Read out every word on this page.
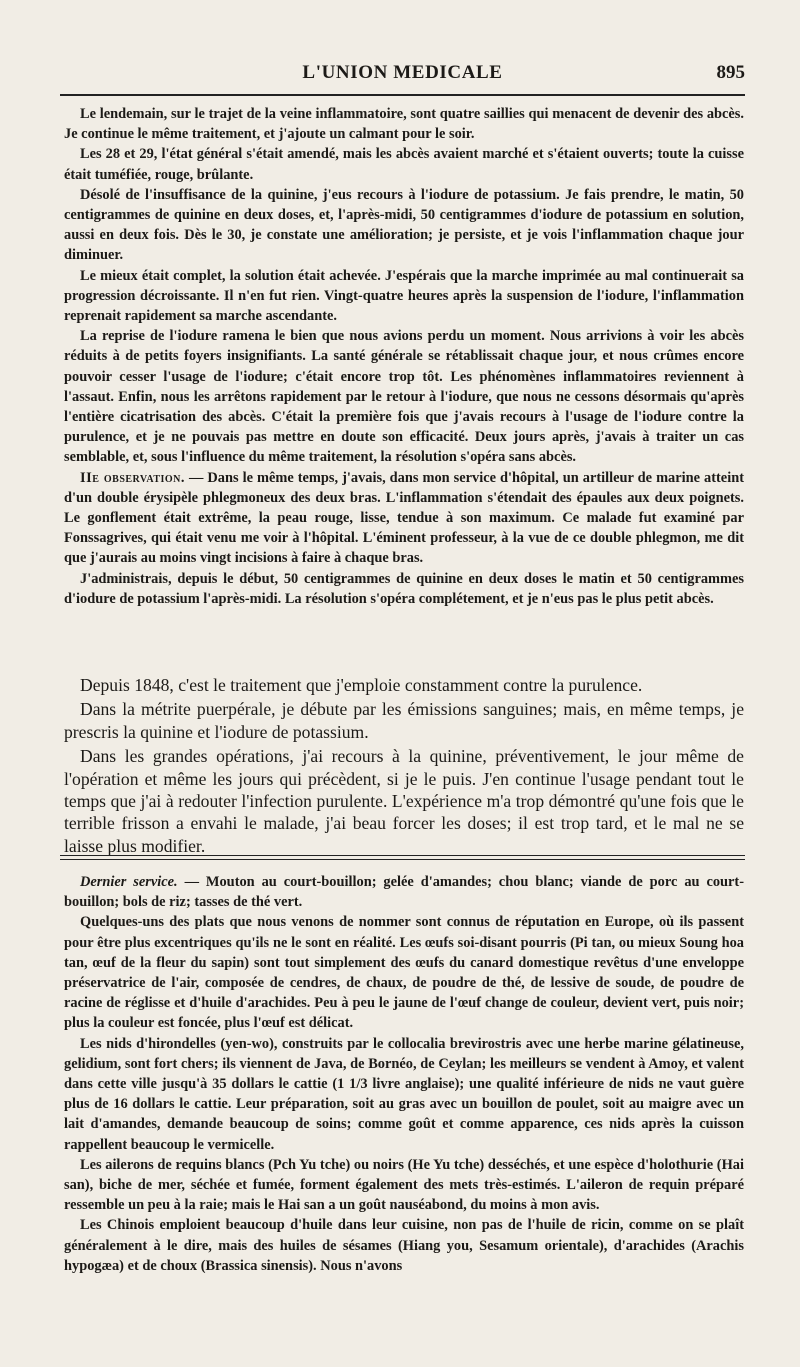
L'UNION MEDICALE	895

Le lendemain, sur le trajet de la veine inflammatoire, sont quatre saillies qui menacent de devenir des abcès. Je continue le même traitement, et j'ajoute un calmant pour le soir.

Les 28 et 29, l'état général s'était amendé, mais les abcès avaient marché et s'étaient ouverts; toute la cuisse était tuméfiée, rouge, brûlante.

Désolé de l'insuffisance de la quinine, j'eus recours à l'iodure de potassium. Je fais prendre, le matin, 50 centigrammes de quinine en deux doses, et, l'après-midi, 50 centigrammes d'iodure de potassium en solution, aussi en deux fois. Dès le 30, je constate une amélioration; je persiste, et je vois l'inflammation chaque jour diminuer.

Le mieux était complet, la solution était achevée. J'espérais que la marche imprimée au mal continuerait sa progression décroissante. Il n'en fut rien. Vingt-quatre heures après la suspension de l'iodure, l'inflammation reprenait rapidement sa marche ascendante.

La reprise de l'iodure ramena le bien que nous avions perdu un moment. Nous arrivions à voir les abcès réduits à de petits foyers insignifiants. La santé générale se rétablissait chaque jour, et nous crûmes encore pouvoir cesser l'usage de l'iodure; c'était encore trop tôt. Les phénomènes inflammatoires reviennent à l'assaut. Enfin, nous les arrêtons rapidement par le retour à l'iodure, que nous ne cessons désormais qu'après l'entière cicatrisation des abcès. C'était la première fois que j'avais recours à l'usage de l'iodure contre la purulence, et je ne pouvais pas mettre en doute son efficacité. Deux jours après, j'avais à traiter un cas semblable, et, sous l'influence du même traitement, la résolution s'opéra sans abcès.

IIe observation. — Dans le même temps, j'avais, dans mon service d'hôpital, un artilleur de marine atteint d'un double érysipèle phlegmoneux des deux bras. L'inflammation s'étendait des épaules aux deux poignets. Le gonflement était extrême, la peau rouge, lisse, tendue à son maximum. Ce malade fut examiné par Fonssagrives, qui était venu me voir à l'hôpital. L'éminent professeur, à la vue de ce double phlegmon, me dit que j'aurais au moins vingt incisions à faire à chaque bras.

J'administrais, depuis le début, 50 centigrammes de quinine en deux doses le matin et 50 centigrammes d'iodure de potassium l'après-midi. La résolution s'opéra complétement, et je n'eus pas le plus petit abcès.

Depuis 1848, c'est le traitement que j'emploie constamment contre la purulence.

Dans la métrite puerpérale, je débute par les émissions sanguines; mais, en même temps, je prescris la quinine et l'iodure de potassium.

Dans les grandes opérations, j'ai recours à la quinine, préventivement, le jour même de l'opération et même les jours qui précèdent, si je le puis. J'en continue l'usage pendant tout le temps que j'ai à redouter l'infection purulente. L'expérience m'a trop démontré qu'une fois que le terrible frisson a envahi le malade, j'ai beau forcer les doses; il est trop tard, et le mal ne se laisse plus modifier.

Dernier service. — Mouton au court-bouillon; gelée d'amandes; chou blanc; viande de porc au court-bouillon; bols de riz; tasses de thé vert.

Quelques-uns des plats que nous venons de nommer sont connus de réputation en Europe, où ils passent pour être plus excentriques qu'ils ne le sont en réalité. Les œufs soi-disant pourris (Pi tan, ou mieux Soung hoa tan, œuf de la fleur du sapin) sont tout simplement des œufs du canard domestique revêtus d'une enveloppe préservatrice de l'air, composée de cendres, de chaux, de poudre de thé, de lessive de soude, de poudre de racine de réglisse et d'huile d'arachides. Peu à peu le jaune de l'œuf change de couleur, devient vert, puis noir; plus la couleur est foncée, plus l'œuf est délicat.

Les nids d'hirondelles (yen-wo), construits par le collocalia brevirostris avec une herbe marine gélatineuse, gelidium, sont fort chers; ils viennent de Java, de Bornéo, de Ceylan; les meilleurs se vendent à Amoy, et valent dans cette ville jusqu'à 35 dollars le cattie (1 1/3 livre anglaise); une qualité inférieure de nids ne vaut guère plus de 16 dollars le cattie. Leur préparation, soit au gras avec un bouillon de poulet, soit au maigre avec un lait d'amandes, demande beaucoup de soins; comme goût et comme apparence, ces nids après la cuisson rappellent beaucoup le vermicelle.

Les ailerons de requins blancs (Pch Yu tche) ou noirs (He Yu tche) desséchés, et une espèce d'holothurie (Hai san), biche de mer, séchée et fumée, forment également des mets très-estimés. L'aileron de requin préparé ressemble un peu à la raie; mais le Hai san a un goût nauséabond, du moins à mon avis.

Les Chinois emploient beaucoup d'huile dans leur cuisine, non pas de l'huile de ricin, comme on se plaît généralement à le dire, mais des huiles de sésames (Hiang you, Sesamum orientale), d'arachides (Arachis hypogæa) et de choux (Brassica sinensis). Nous n'avons
